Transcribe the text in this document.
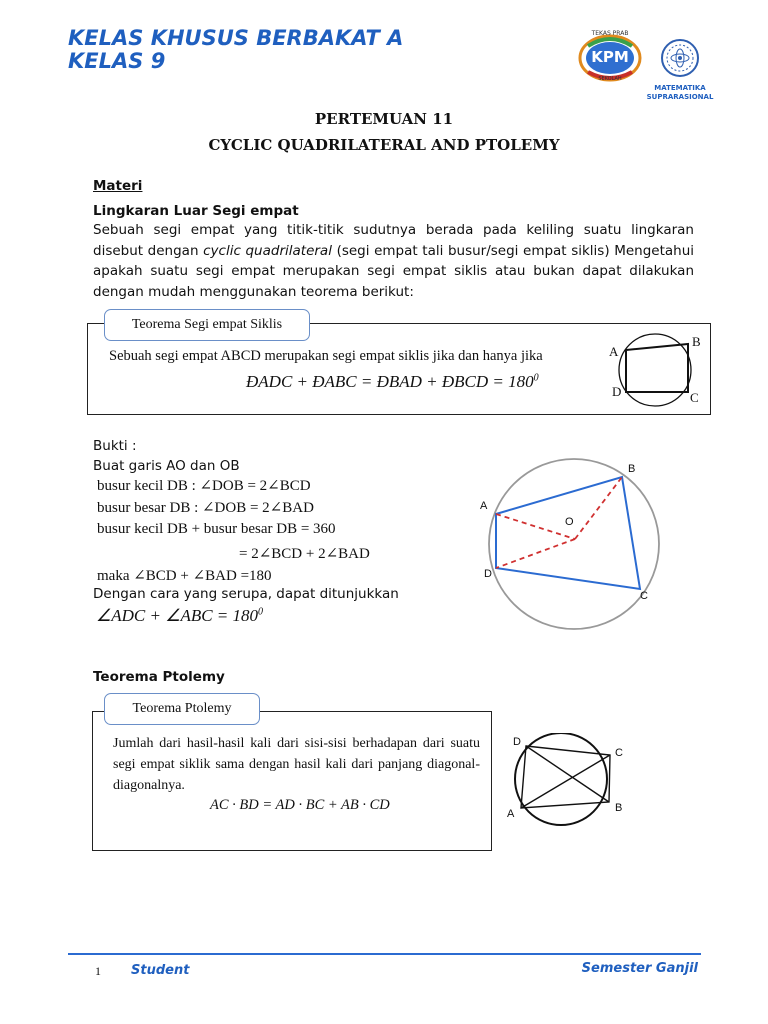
KELAS KHUSUS BERBAKAT A
KELAS 9	KPM
TEKAS PRAB
SEKOLAH
MATEMATIKA SUPRARASIONAL
PERTEMUAN 11
CYCLIC QUADRILATERAL AND PTOLEMY
Materi
Lingkaran Luar Segi empat
Sebuah segi empat yang titik-titik sudutnya berada pada keliling suatu lingkaran disebut dengan cyclic quadrilateral (segi empat tali busur/segi empat siklis) Mengetahui apakah suatu segi empat merupakan segi empat siklis atau bukan dapat dilakukan dengan mudah menggunakan teorema berikut:
Teorema Segi empat Siklis
Sebuah segi empat ABCD merupakan segi empat siklis jika dan hanya jika
ĐADC + ĐABC = ĐBAD + ĐBCD = $180^0$
A
B
C
D
Bukti :
Buat garis AO dan OB
busur kecil DB : ∠DOB = 2∠BCD
busur besar DB : ∠DOB = 2∠BAD
busur kecil DB + busur besar DB = 360
= 2∠BCD + 2∠BAD
maka ∠BCD + ∠BAD =180
Dengan cara yang serupa, dapat ditunjukkan
∠ADC + ∠ABC = $180^0$
B
A
O
D
C
Teorema Ptolemy
Teorema Ptolemy
Jumlah dari hasil-hasil kali dari sisi-sisi berhadapan dari suatu segi empat siklik sama dengan hasil kali dari panjang diagonal-diagonalnya.
AC · BD = AD · BC + AB · CD
D
C
B
A
1 Student	Semester Ganjil
